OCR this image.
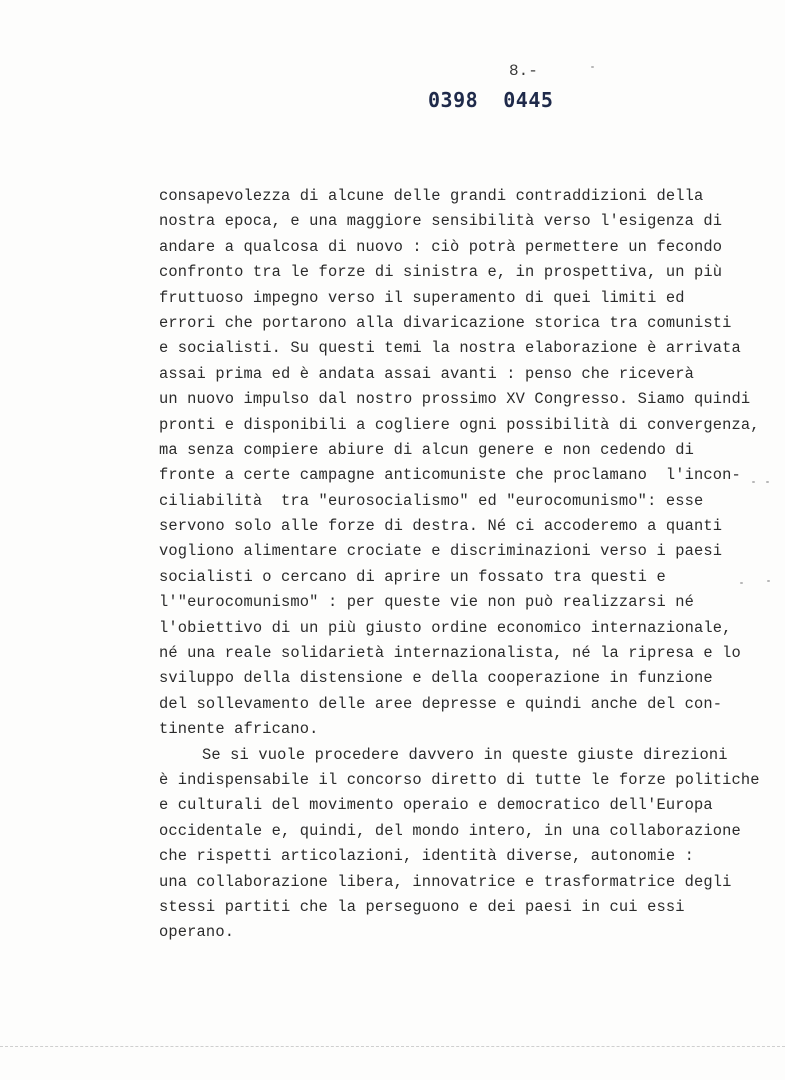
8.-
0398  0445
consapevolezza di alcune delle grandi contraddizioni della
nostra epoca, e una maggiore sensibilità verso l'esigenza di
andare a qualcosa di nuovo : ciò potrà permettere un fecondo
confronto tra le forze di sinistra e, in prospettiva, un più
fruttuoso impegno verso il superamento di quei limiti ed
errori che portarono alla divaricazione storica tra comunisti
e socialisti. Su questi temi la nostra elaborazione è arrivata
assai prima ed è andata assai avanti : penso che riceverà
un nuovo impulso dal nostro prossimo XV Congresso. Siamo quindi
pronti e disponibili a cogliere ogni possibilità di convergenza,
ma senza compiere abiure di alcun genere e non cedendo di
fronte a certe campagne anticomuniste che proclamano  l'incon-
ciliabilità  tra "eurosocialismo" ed "eurocomunismo": esse
servono solo alle forze di destra. Né ci accoderemo a quanti
vogliono alimentare crociate e discriminazioni verso i paesi
socialisti o cercano di aprire un fossato tra questi e
l'"eurocomunismo" : per queste vie non può realizzarsi né
l'obiettivo di un più giusto ordine economico internazionale,
né una reale solidarietà internazionalista, né la ripresa e lo
sviluppo della distensione e della cooperazione in funzione
del sollevamento delle aree depresse e quindi anche del con-
tinente africano.
Se si vuole procedere davvero in queste giuste direzioni
è indispensabile il concorso diretto di tutte le forze politiche
e culturali del movimento operaio e democratico dell'Europa
occidentale e, quindi, del mondo intero, in una collaborazione
che rispetti articolazioni, identità diverse, autonomie :
una collaborazione libera, innovatrice e trasformatrice degli
stessi partiti che la perseguono e dei paesi in cui essi
operano.
